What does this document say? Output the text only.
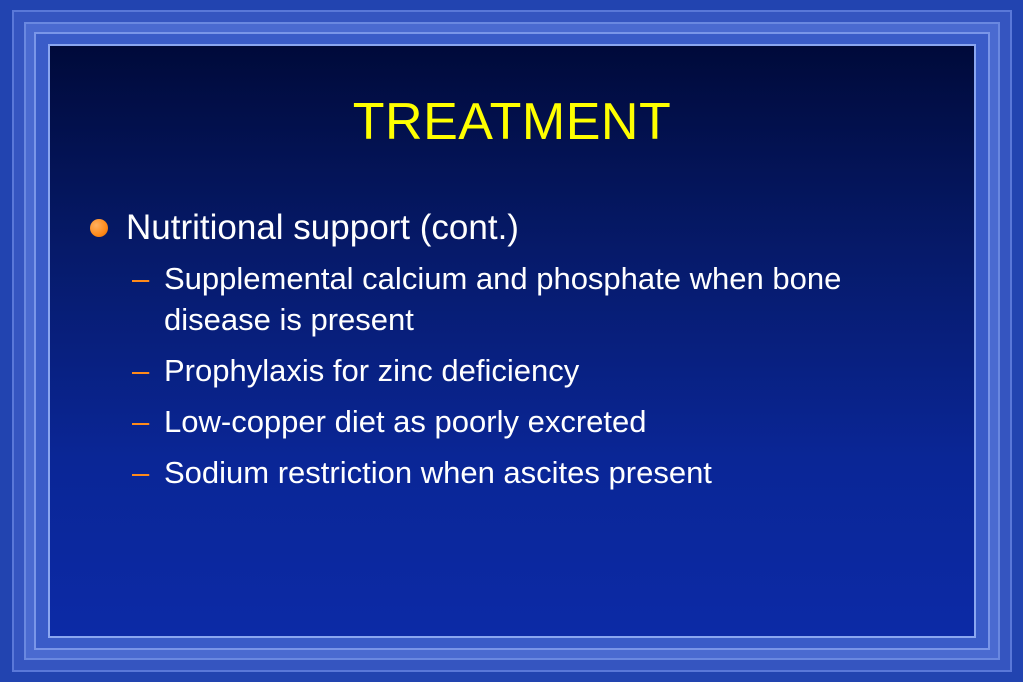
TREATMENT
Nutritional support (cont.)
– Supplemental calcium and phosphate when bone disease is present
– Prophylaxis for zinc deficiency
– Low-copper diet as poorly excreted
– Sodium restriction when ascites present
